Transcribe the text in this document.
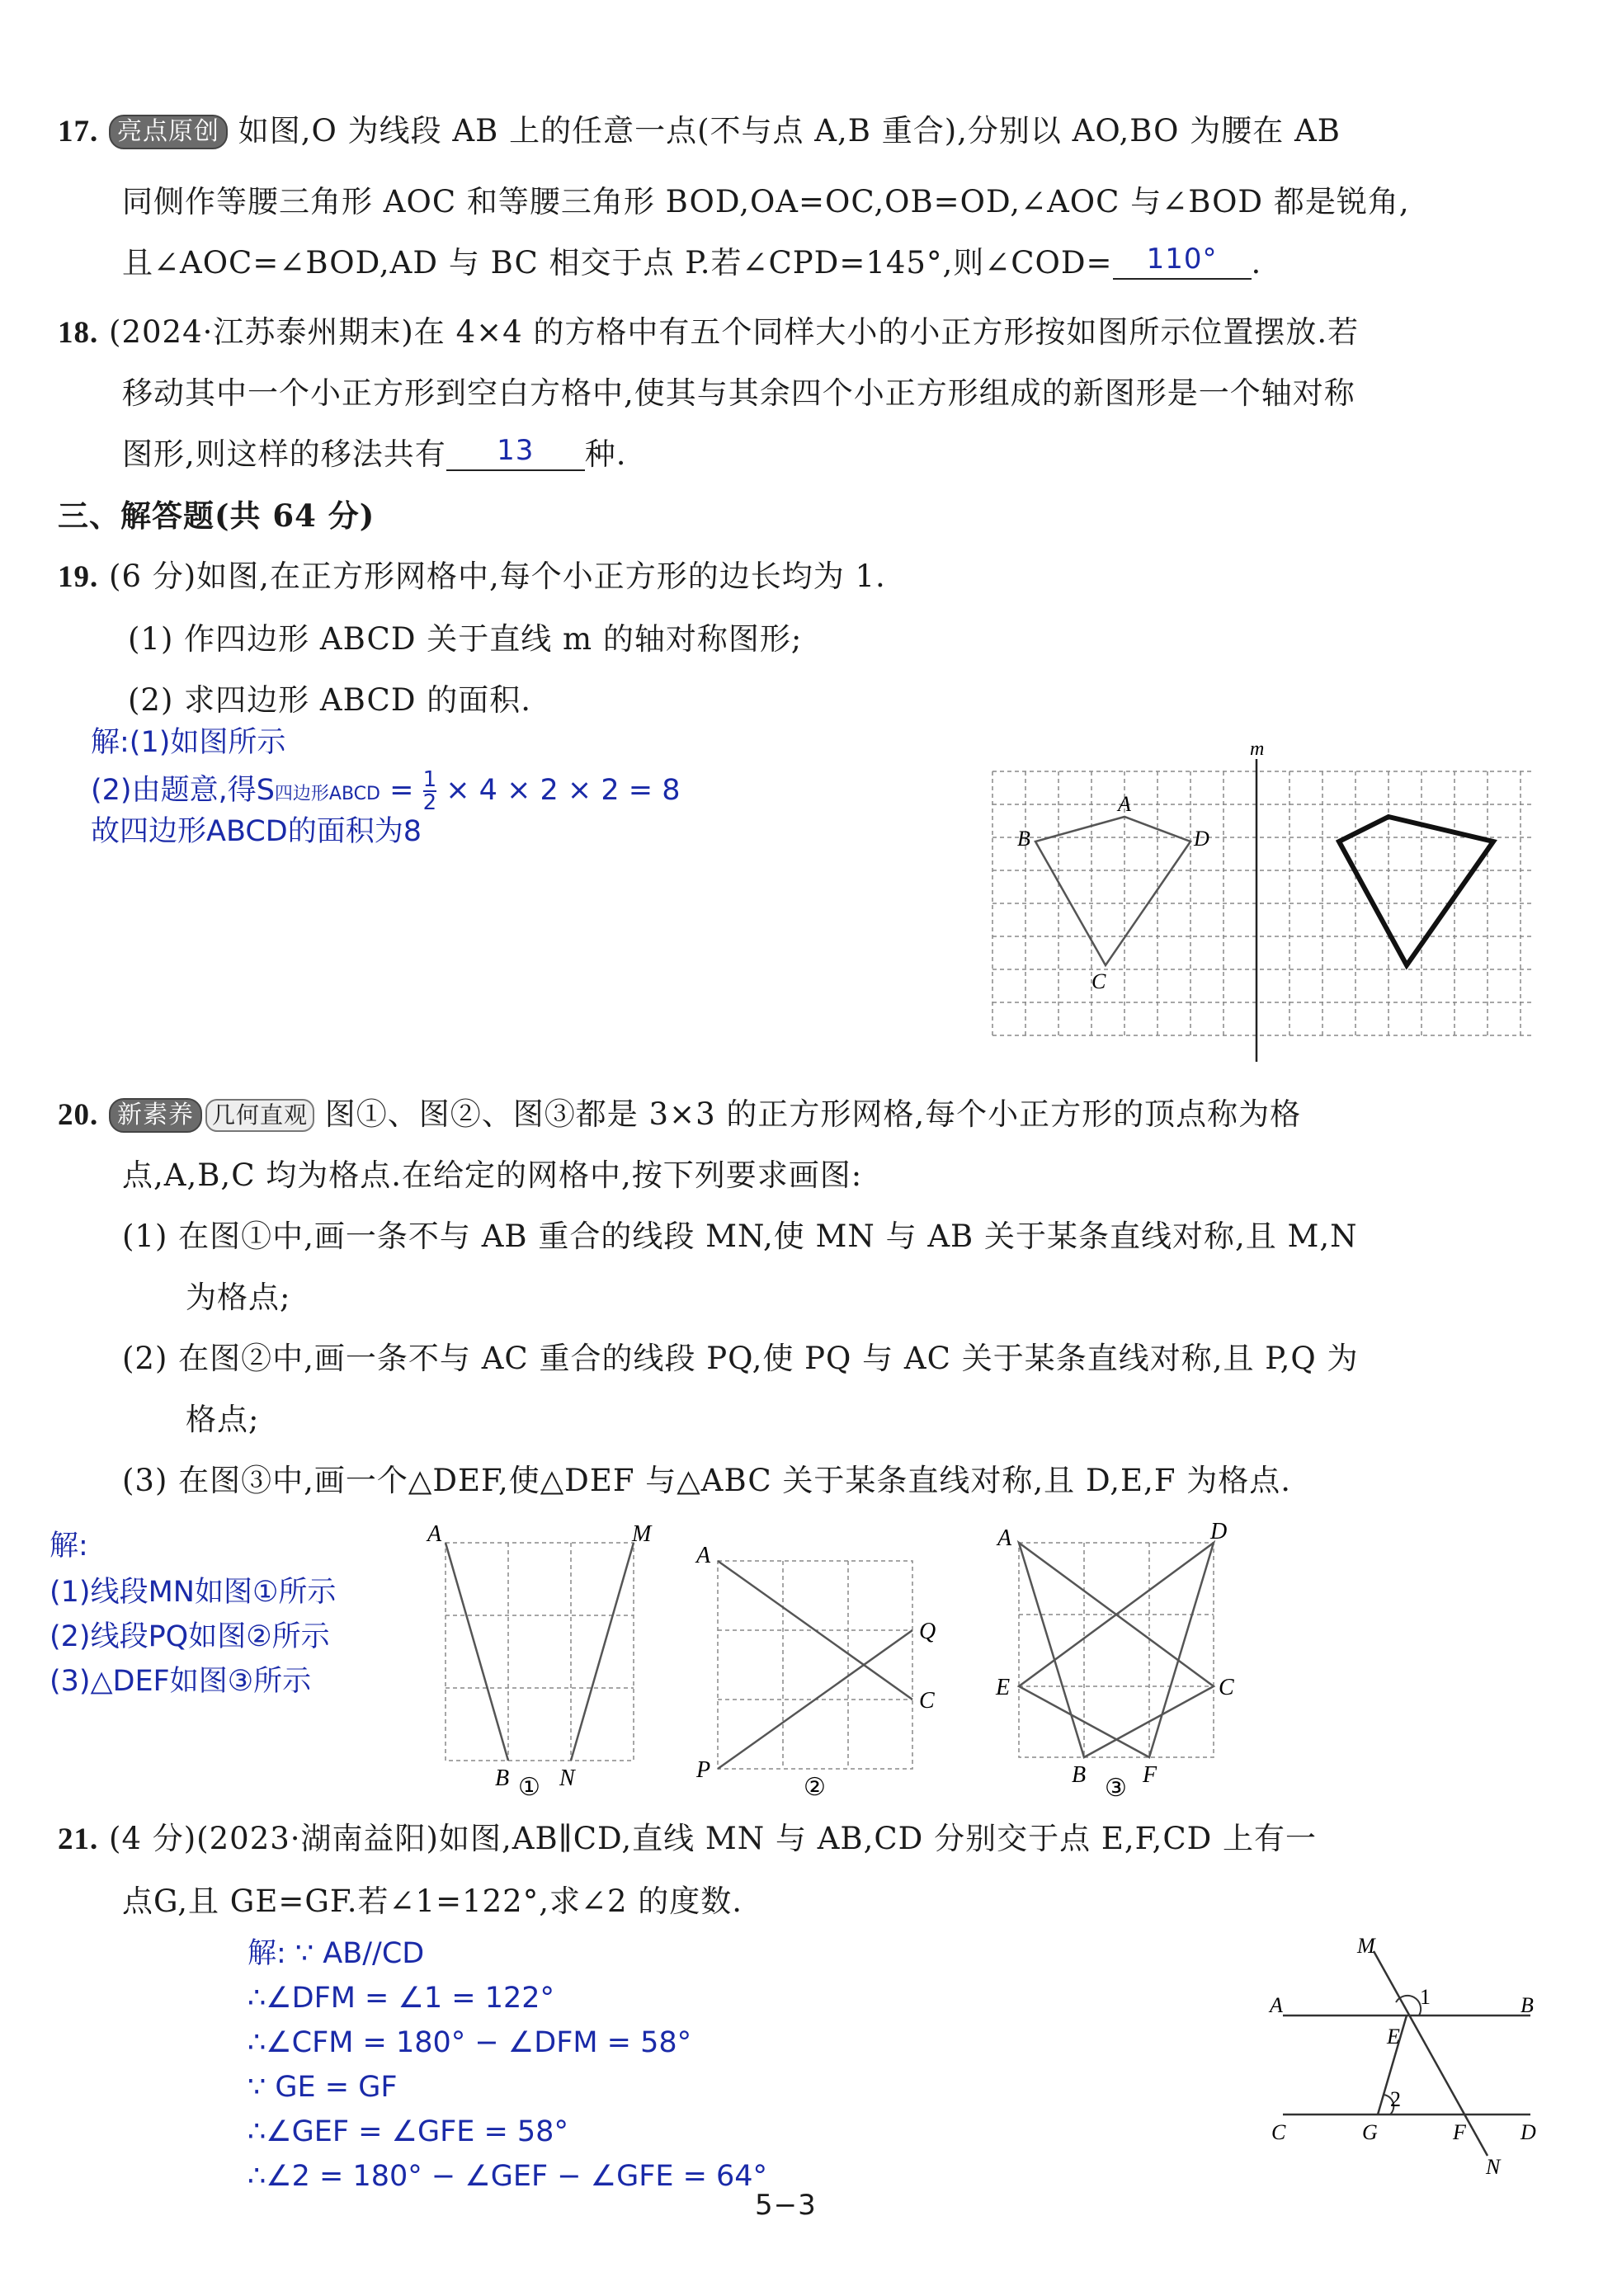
17. 亮点原创 如图,O 为线段 AB 上的任意一点(不与点 A,B 重合),分别以 AO,BO 为腰在 AB
同侧作等腰三角形 AOC 和等腰三角形 BOD,OA=OC,OB=OD,∠AOC 与∠BOD 都是锐角,
且∠AOC=∠BOD,AD 与 BC 相交于点 P.若∠CPD=145°,则∠COD= 110° .
18. (2024·江苏泰州期末)在 4×4 的方格中有五个同样大小的小正方形按如图所示位置摆放.若
移动其中一个小正方形到空白方格中,使其与其余四个小正方形组成的新图形是一个轴对称
图形,则这样的移法共有 13 种.
三、解答题(共 64 分)
19. (6 分)如图,在正方形网格中,每个小正方形的边长均为 1.
(1) 作四边形 ABCD 关于直线 m 的轴对称图形;
(2) 求四边形 ABCD 的面积.
解:(1)如图所示
(2)由题意,得S四边形ABCD = $\frac{1}{2} \times 4 \times 2 \times 2 = 8$
故四边形ABCD的面积为8
m
A
B
C
D
20. 新素养 几何直观 图①、图②、图③都是 3×3 的正方形网格,每个小正方形的顶点称为格
点,A,B,C 均为格点.在给定的网格中,按下列要求画图:
(1) 在图①中,画一条不与 AB 重合的线段 MN,使 MN 与 AB 关于某条直线对称,且 M,N
为格点;
(2) 在图②中,画一条不与 AC 重合的线段 PQ,使 PQ 与 AC 关于某条直线对称,且 P,Q 为
格点;
(3) 在图③中,画一个△DEF,使△DEF 与△ABC 关于某条直线对称,且 D,E,F 为格点.
解:
(1)线段MN如图①所示
(2)线段PQ如图②所示
(3)△DEF如图③所示
A	M
B N
①
A
Q
C
P
②
A	D
E	C
B F
③
21. (4 分)(2023·湖南益阳)如图,AB∥CD,直线 MN 与 AB,CD 分别交于点 E,F,CD 上有一
点G,且 GE=GF.若∠1=122°,求∠2 的度数.
解: ∵ AB//CD
∴∠DFM = ∠1 = 122°
∴∠CFM = 180° − ∠DFM = 58°
∵ GE = GF
∴∠GEF = ∠GFE = 58°
∴∠2 = 180° − ∠GEF − ∠GFE = 64°
M
1
A	B
E
2
C	G	F	D
N
5−3
